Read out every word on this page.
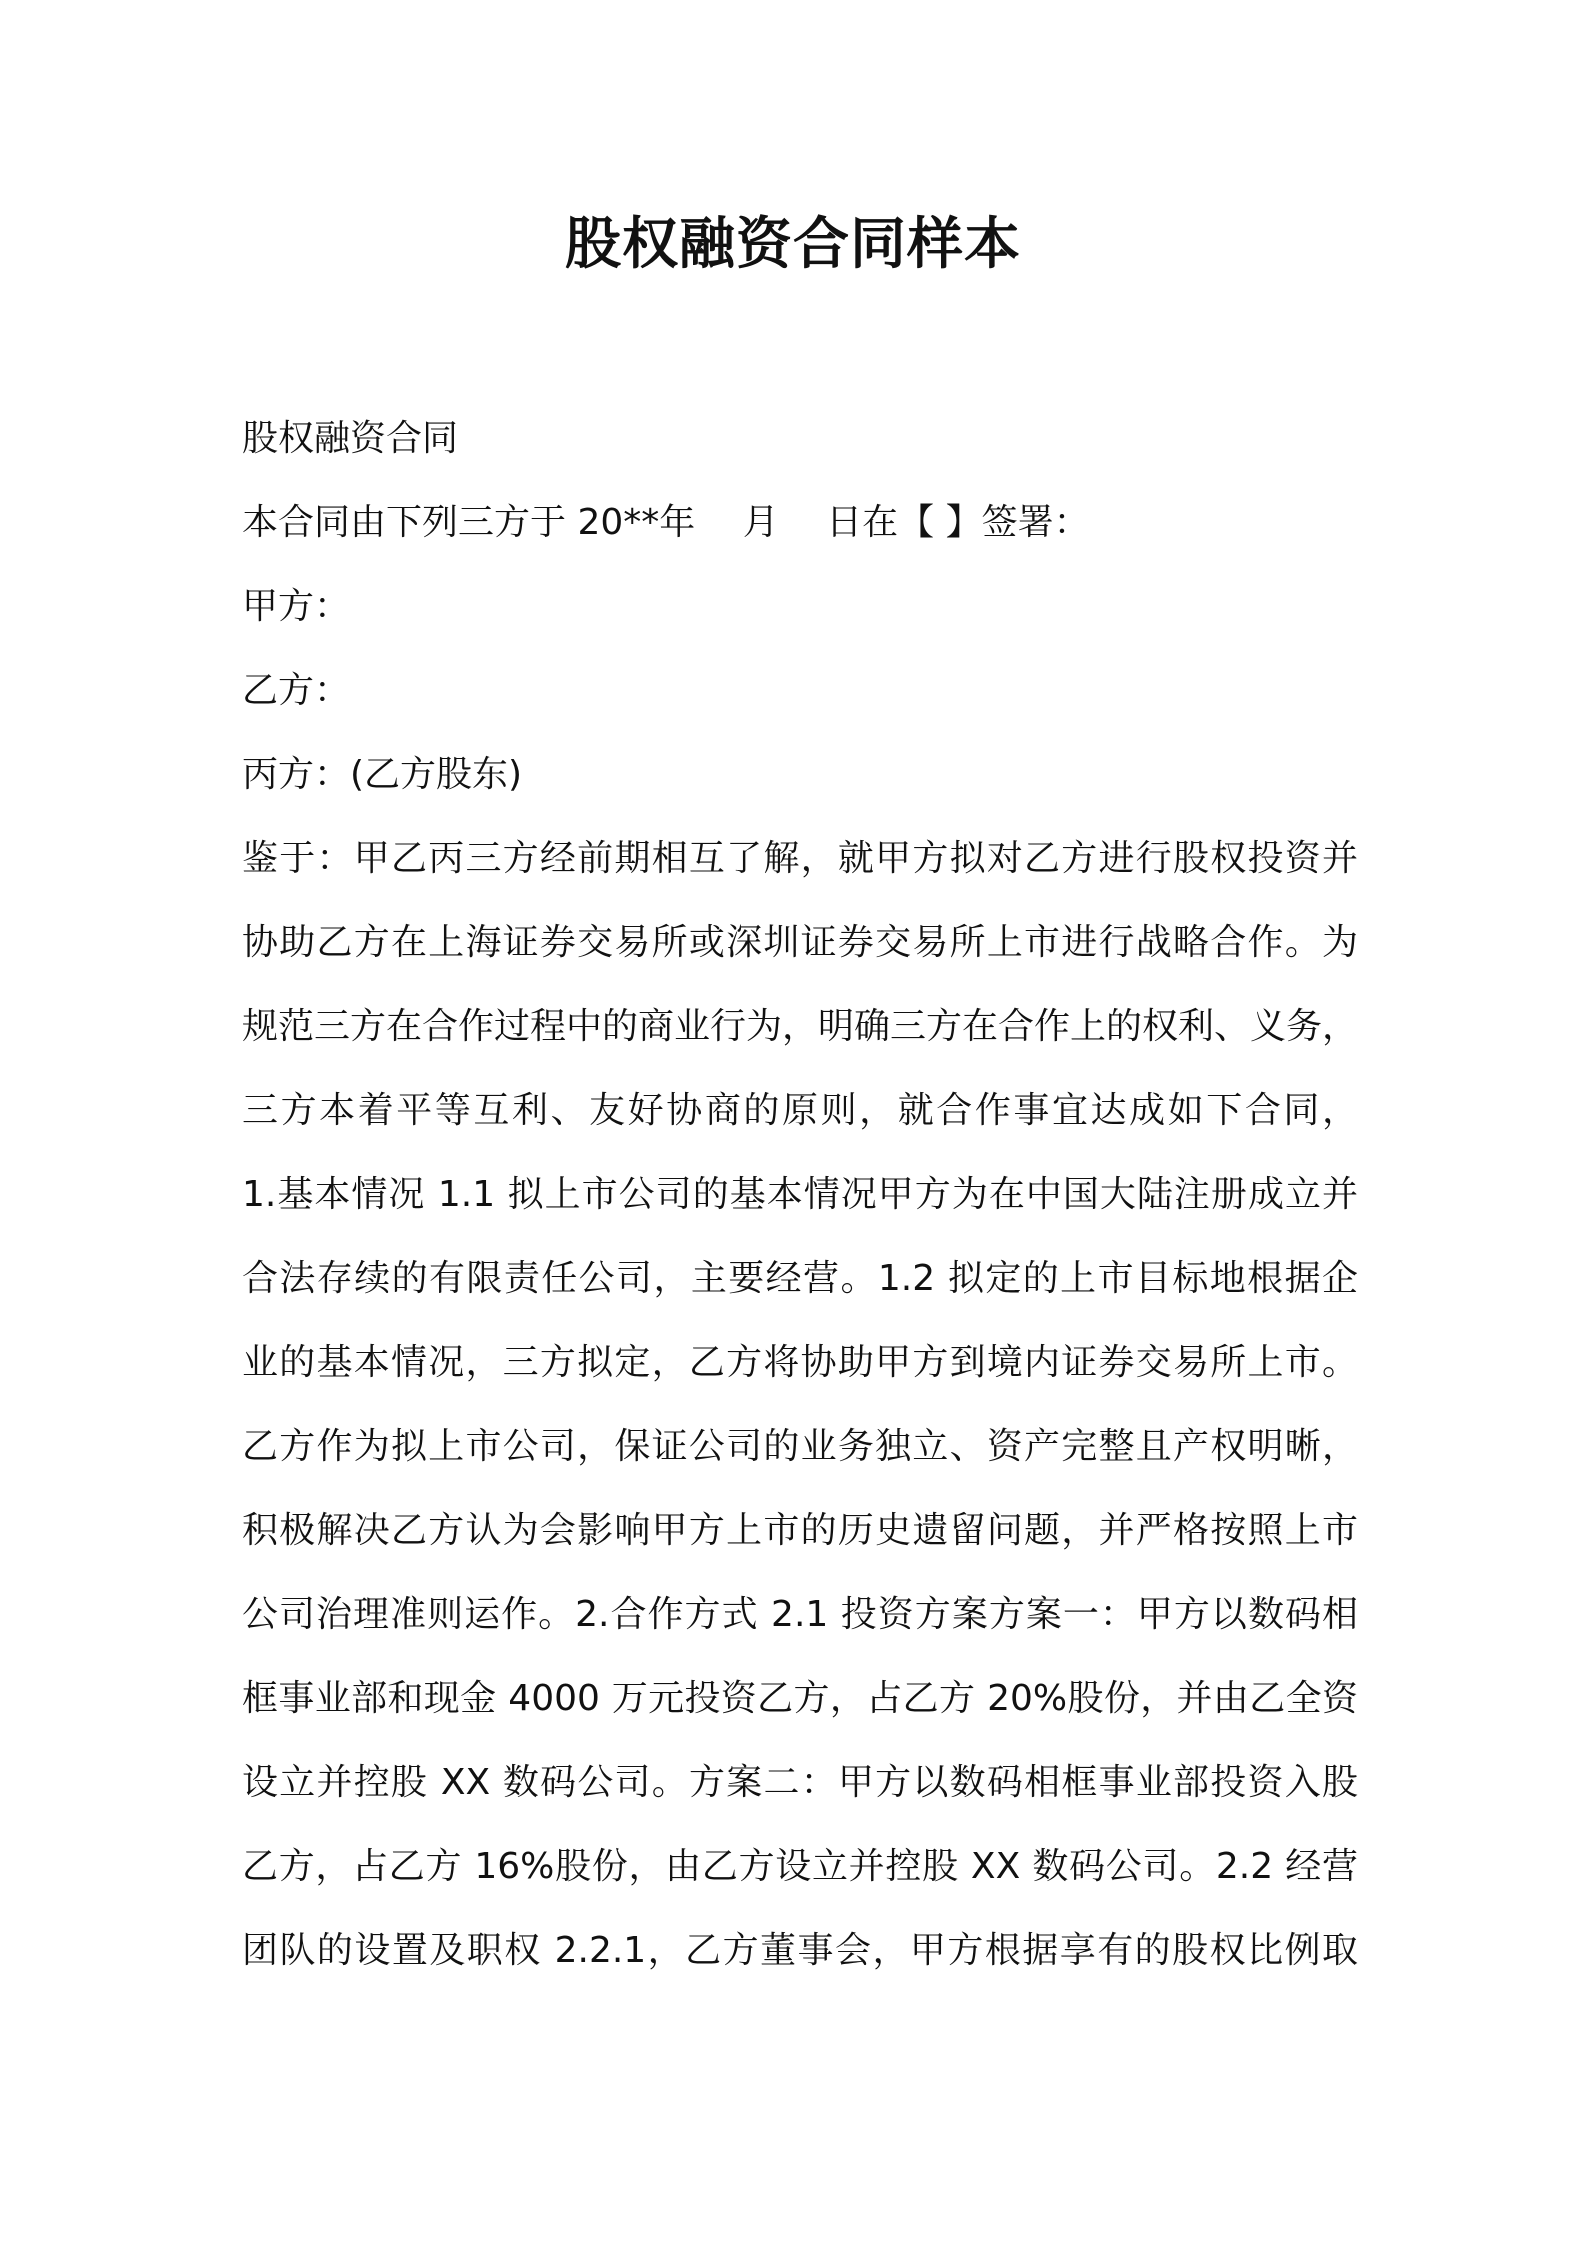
股权融资合同样本

股权融资合同

本合同由下列三方于 20**年　 月　 日在【 】签署：

甲方：

乙方：

丙方：(乙方股东)

鉴于：甲乙丙三方经前期相互了解，就甲方拟对乙方进行股权投资并

协助乙方在上海证券交易所或深圳证券交易所上市进行战略合作。为

规范三方在合作过程中的商业行为，明确三方在合作上的权利、义务，

三方本着平等互利、友好协商的原则，就合作事宜达成如下合同，

1.基本情况 1.1 拟上市公司的基本情况甲方为在中国大陆注册成立并

合法存续的有限责任公司，主要经营。1.2 拟定的上市目标地根据企

业的基本情况，三方拟定，乙方将协助甲方到境内证券交易所上市。

乙方作为拟上市公司，保证公司的业务独立、资产完整且产权明晰，

积极解决乙方认为会影响甲方上市的历史遗留问题，并严格按照上市

公司治理准则运作。2.合作方式 2.1 投资方案方案一：甲方以数码相

框事业部和现金 4000 万元投资乙方，占乙方 20%股份，并由乙全资

设立并控股 XX 数码公司。方案二：甲方以数码相框事业部投资入股

乙方，占乙方 16%股份，由乙方设立并控股 XX 数码公司。2.2 经营

团队的设置及职权 2.2.1，乙方董事会，甲方根据享有的股权比例取
